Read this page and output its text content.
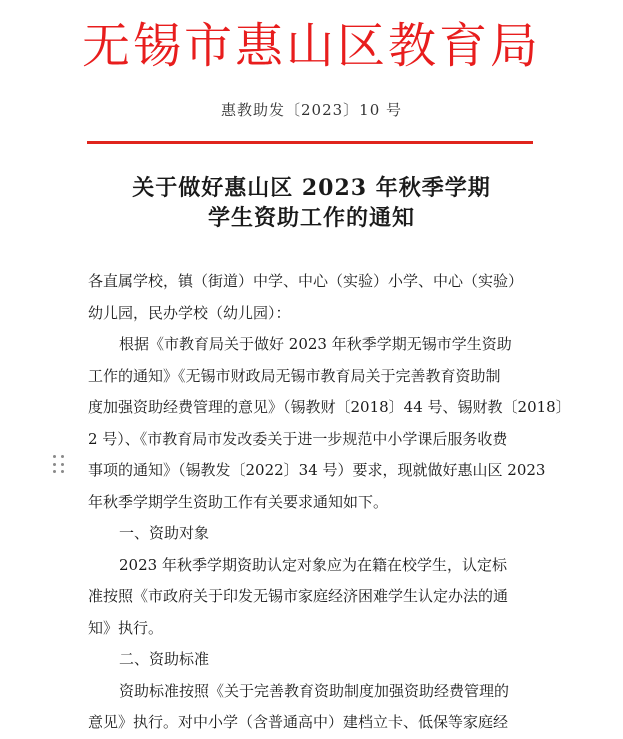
无锡市惠山区教育局
惠教助发〔2023〕10 号
关于做好惠山区 2023 年秋季学期
学生资助工作的通知
各直属学校，镇（街道）中学、中心（实验）小学、中心（实验）
幼儿园，民办学校（幼儿园）：
根据《市教育局关于做好 2023 年秋季学期无锡市学生资助
工作的通知》《无锡市财政局无锡市教育局关于完善教育资助制
度加强资助经费管理的意见》（锡教财〔2018〕44 号、锡财教〔2018〕
2 号）、《市教育局市发改委关于进一步规范中小学课后服务收费
事项的通知》（锡教发〔2022〕34 号）要求，现就做好惠山区 2023
年秋季学期学生资助工作有关要求通知如下。
一、资助对象
2023 年秋季学期资助认定对象应为在籍在校学生，认定标
准按照《市政府关于印发无锡市家庭经济困难学生认定办法的通
知》执行。
二、资助标准
资助标准按照《关于完善教育资助制度加强资助经费管理的
意见》执行。对中小学（含普通高中）建档立卡、低保等家庭经
